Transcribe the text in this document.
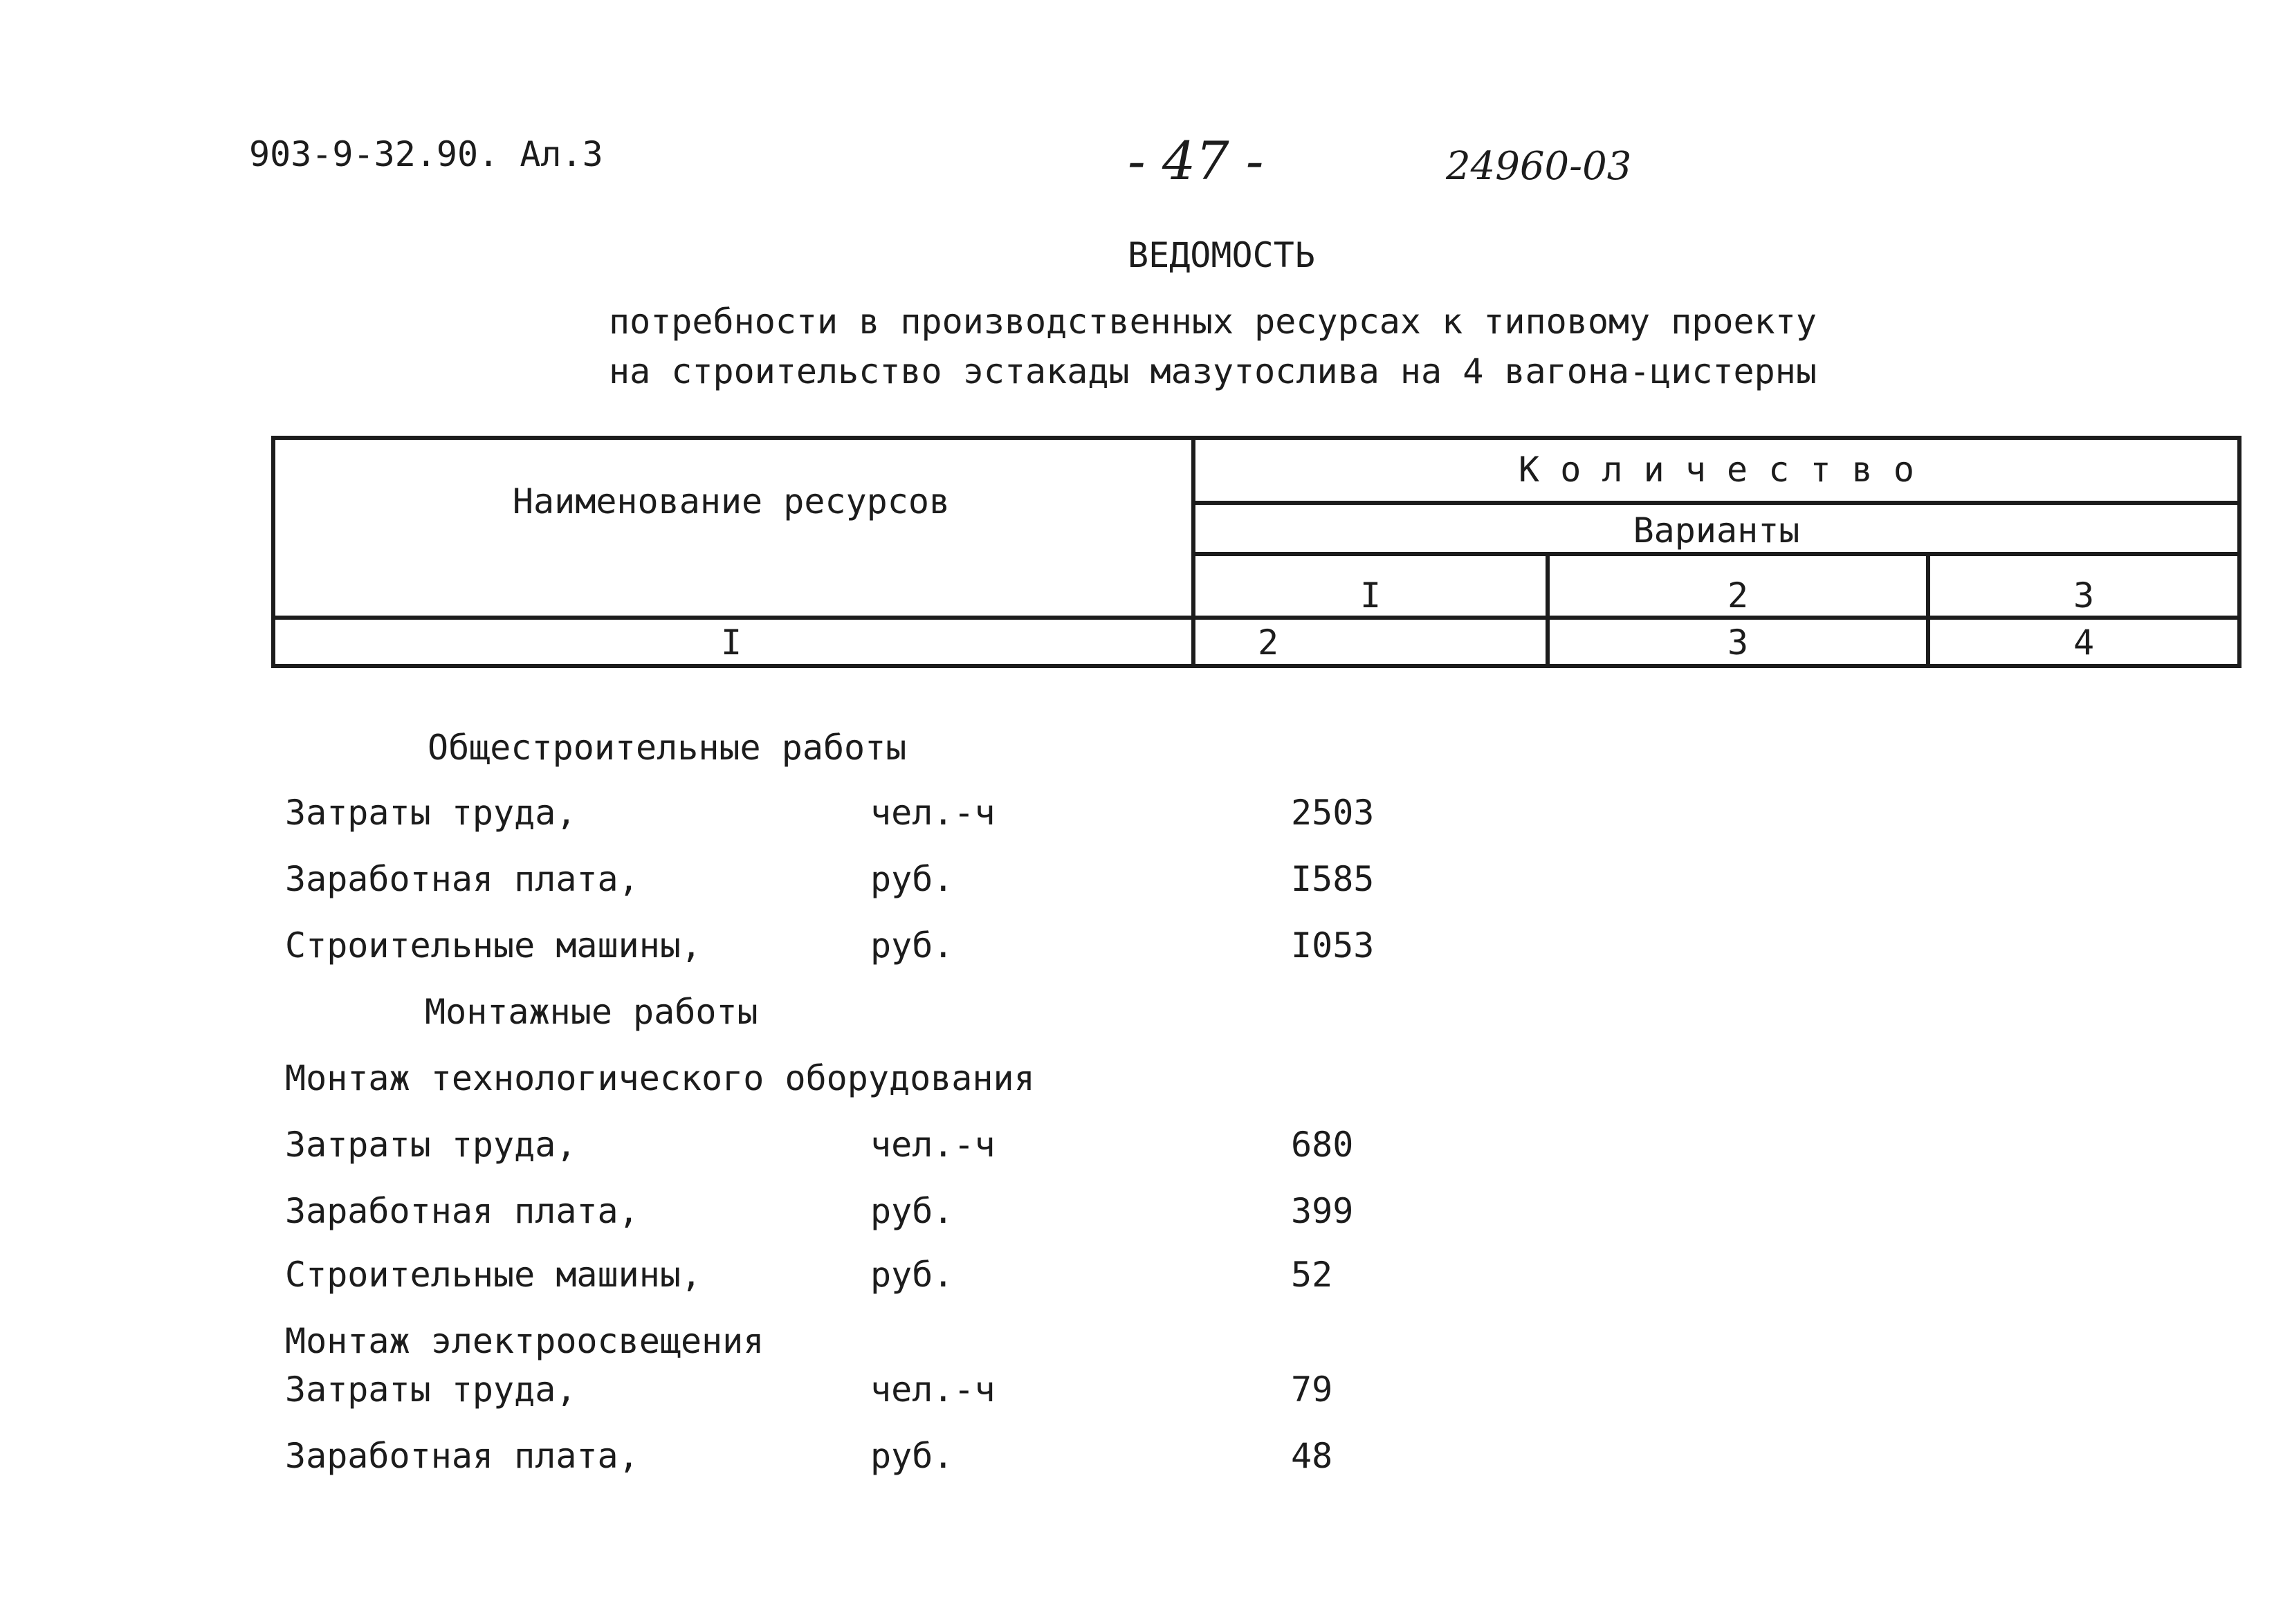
903-9-32.90. Ал.3	- 47 -	24960-03
ВЕДОМОСТЬ
потребности в производственных ресурсах к типовому проекту
на строительство эстакады мазутослива на 4 вагона-цистерны
Наименование ресурсов
К о л и ч е с т в о
Варианты
I	2	3
I	2	3	4
Общестроительные работы
Затраты труда,	чел.-ч	2503
Заработная плата,	руб.	I585
Строительные машины,	руб.	I053
Монтажные работы
Монтаж технологического оборудования
Затраты труда,	чел.-ч	680
Заработная плата,	руб.	399
Строительные машины,	руб.	52
Монтаж электроосвещения
Затраты труда,	чел.-ч	79
Заработная плата,	руб.	48
